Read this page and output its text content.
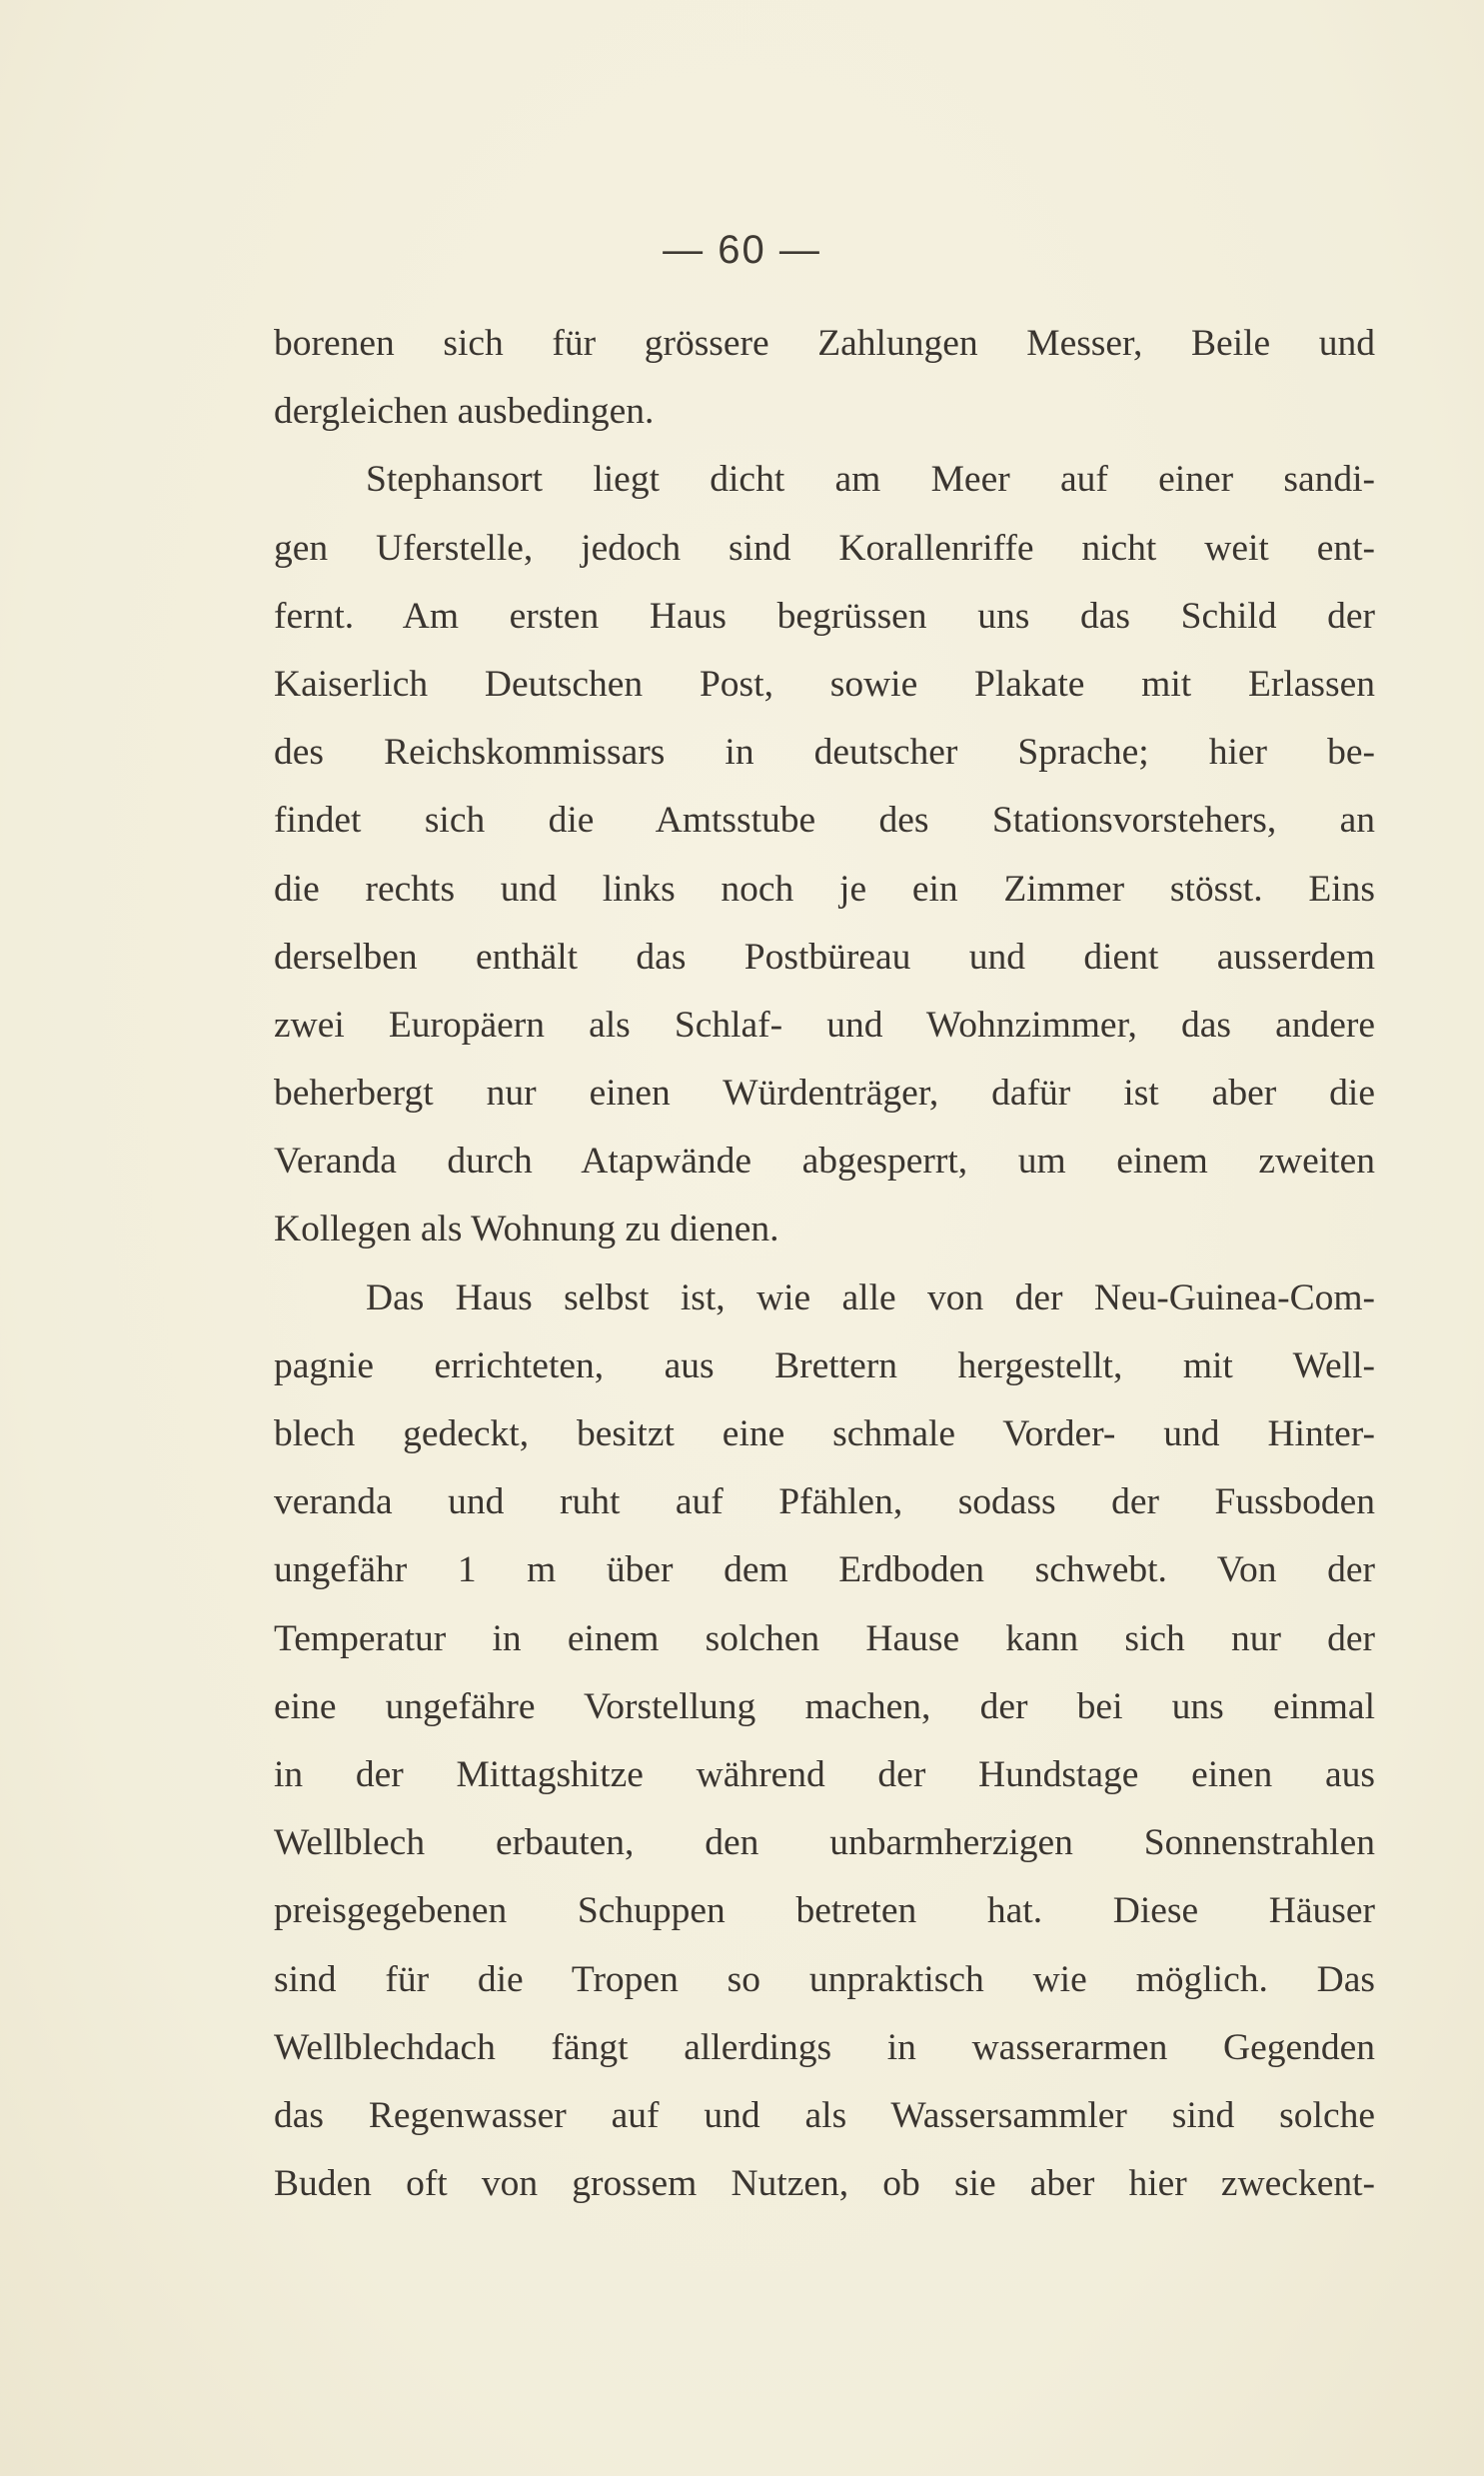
— 60 —
borenen sich für grössere Zahlungen Messer, Beile und
dergleichen ausbedingen.
Stephansort liegt dicht am Meer auf einer sandi-
gen Uferstelle, jedoch sind Korallenriffe nicht weit ent-
fernt. Am ersten Haus begrüssen uns das Schild der
Kaiserlich Deutschen Post, sowie Plakate mit Erlassen
des Reichskommissars in deutscher Sprache; hier be-
findet sich die Amtsstube des Stationsvorstehers, an
die rechts und links noch je ein Zimmer stösst. Eins
derselben enthält das Postbüreau und dient ausserdem
zwei Europäern als Schlaf- und Wohnzimmer, das andere
beherbergt nur einen Würdenträger, dafür ist aber die
Veranda durch Atapwände abgesperrt, um einem zweiten
Kollegen als Wohnung zu dienen.
Das Haus selbst ist, wie alle von der Neu-Guinea-Com-
pagnie errichteten, aus Brettern hergestellt, mit Well-
blech gedeckt, besitzt eine schmale Vorder- und Hinter-
veranda und ruht auf Pfählen, sodass der Fussboden
ungefähr 1 m über dem Erdboden schwebt. Von der
Temperatur in einem solchen Hause kann sich nur der
eine ungefähre Vorstellung machen, der bei uns einmal
in der Mittagshitze während der Hundstage einen aus
Wellblech erbauten, den unbarmherzigen Sonnenstrahlen
preisgegebenen Schuppen betreten hat. Diese Häuser
sind für die Tropen so unpraktisch wie möglich. Das
Wellblechdach fängt allerdings in wasserarmen Gegenden
das Regenwasser auf und als Wassersammler sind solche
Buden oft von grossem Nutzen, ob sie aber hier zweckent-
